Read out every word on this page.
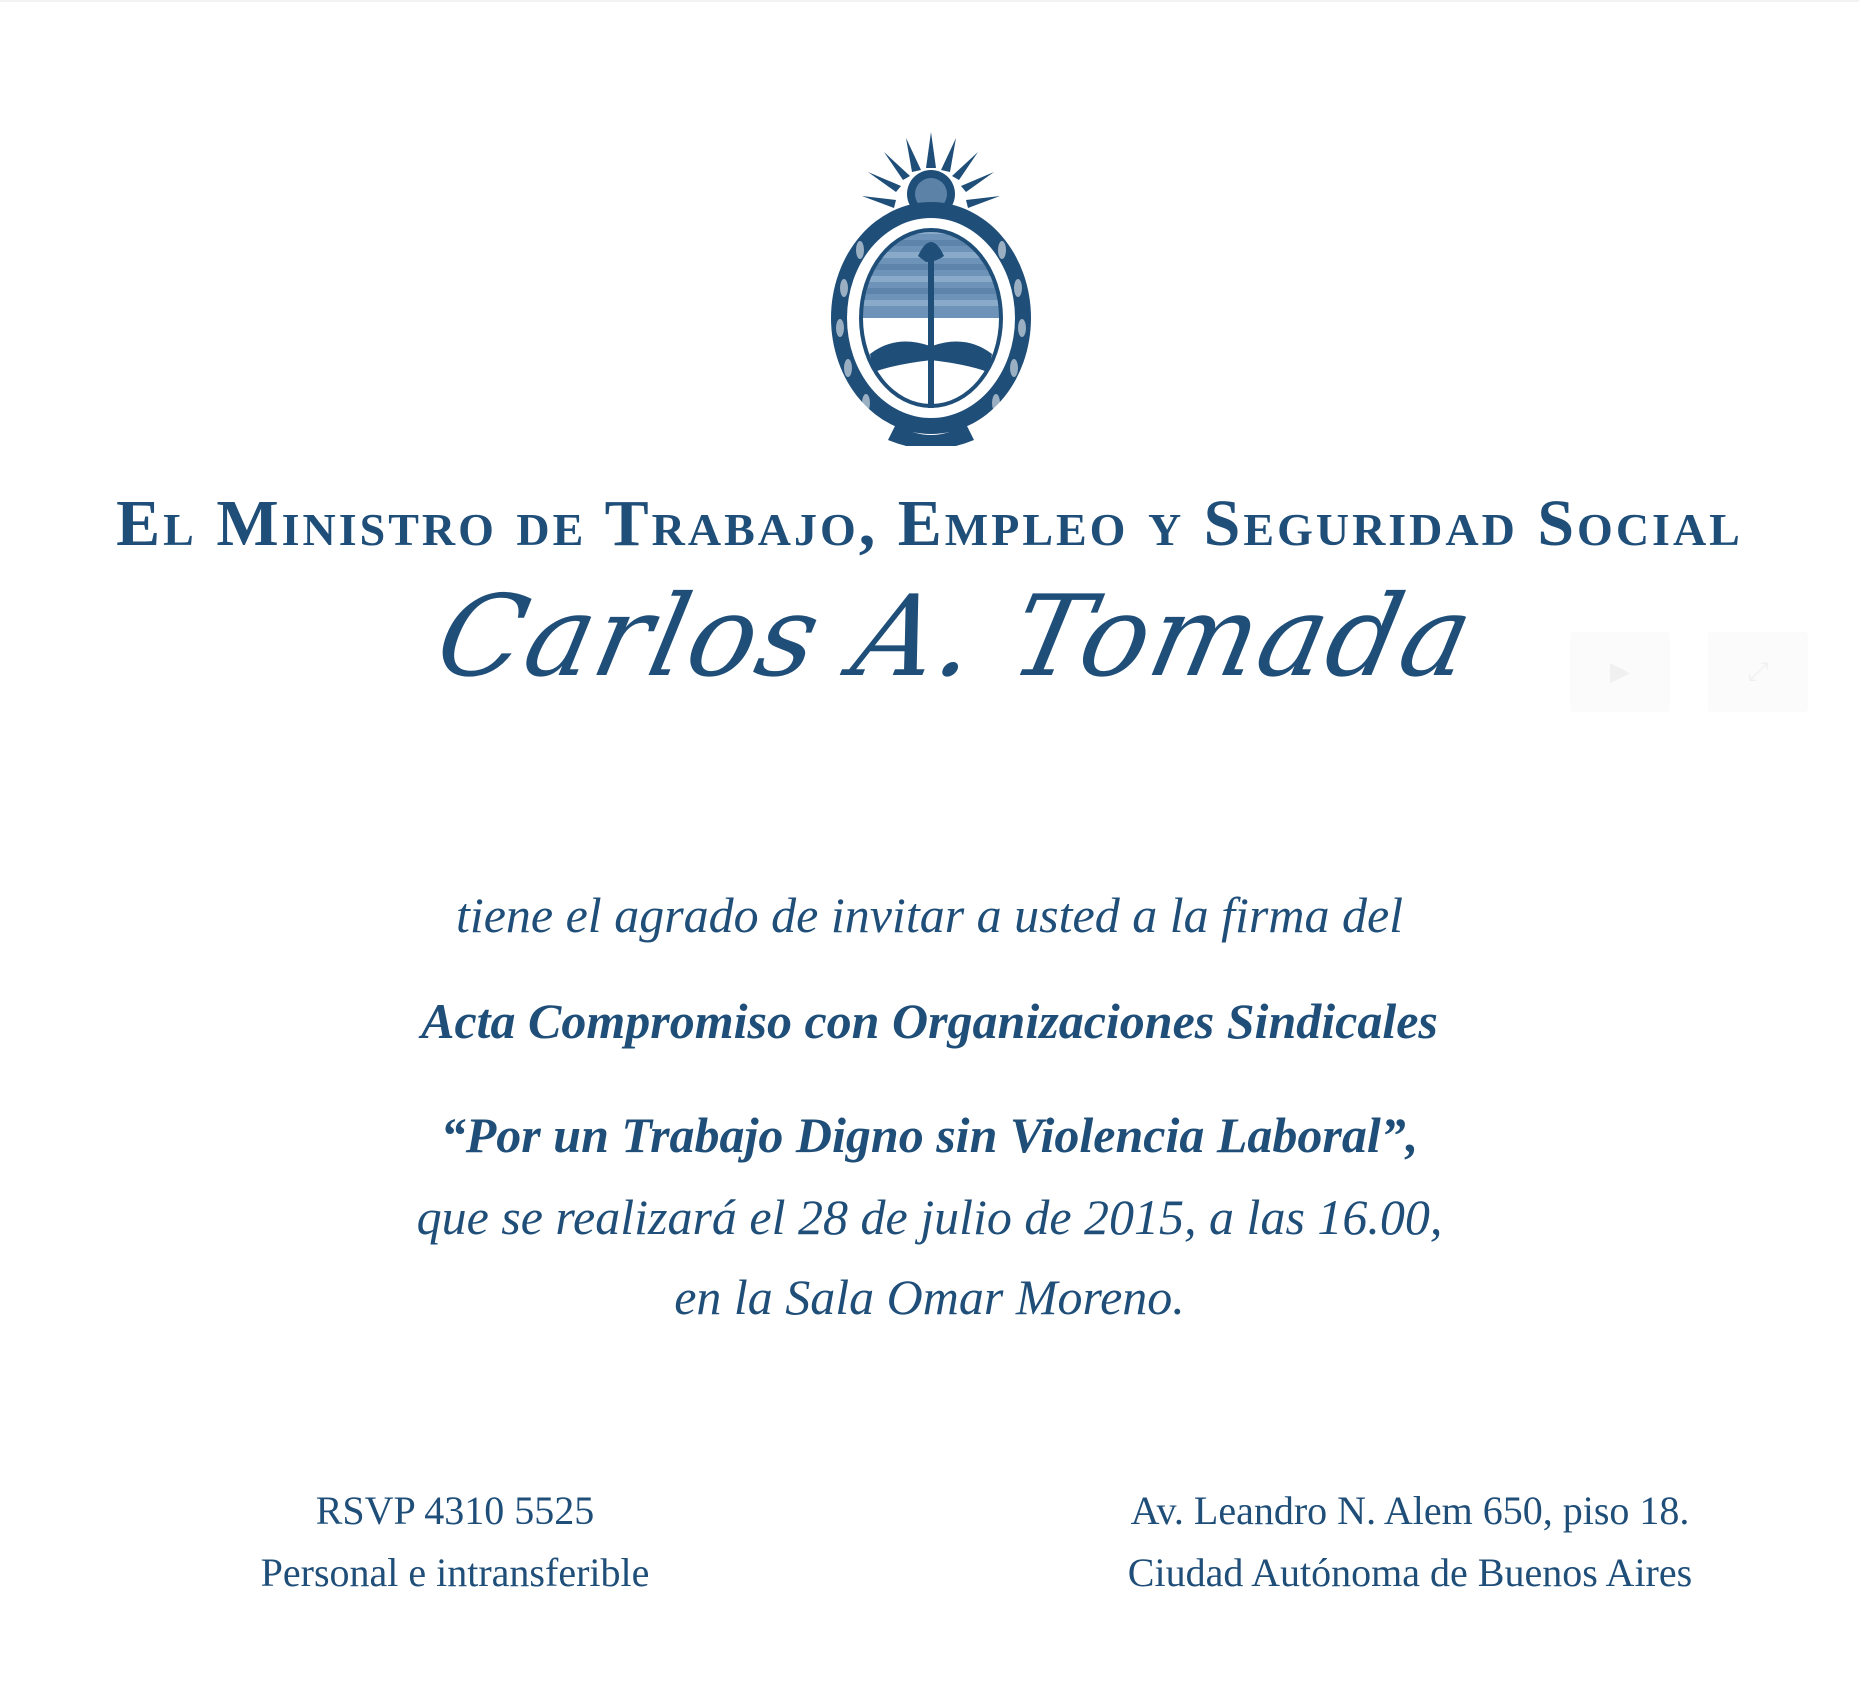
El Ministro de Trabajo, Empleo y Seguridad Social
Carlos A. Tomada	▶	⤢
tiene el agrado de invitar a usted a la firma del
Acta Compromiso con Organizaciones Sindicales
“Por un Trabajo Digno sin Violencia Laboral”,
que se realizará el 28 de julio de 2015, a las 16.00,
en la Sala Omar Moreno.
RSVP 4310 5525
Personal e intransferible
Av. Leandro N. Alem 650, piso 18.
Ciudad Autónoma de Buenos Aires
